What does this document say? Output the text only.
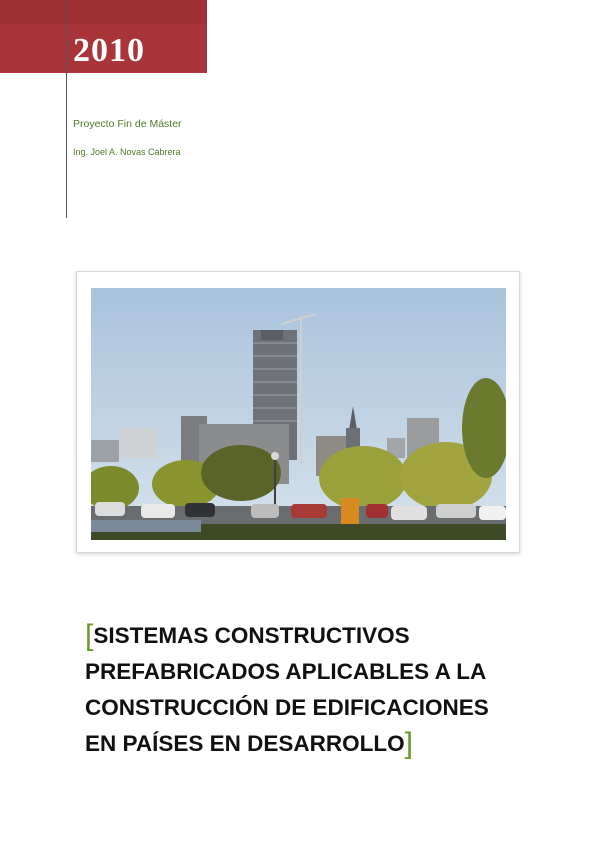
2010
Proyecto Fin de Máster
Ing. Joel A. Novas Cabrera
[SISTEMAS CONSTRUCTIVOS
PREFABRICADOS APLICABLES A LA
CONSTRUCCIÓN DE EDIFICACIONES
EN PAÍSES EN DESARROLLO]
